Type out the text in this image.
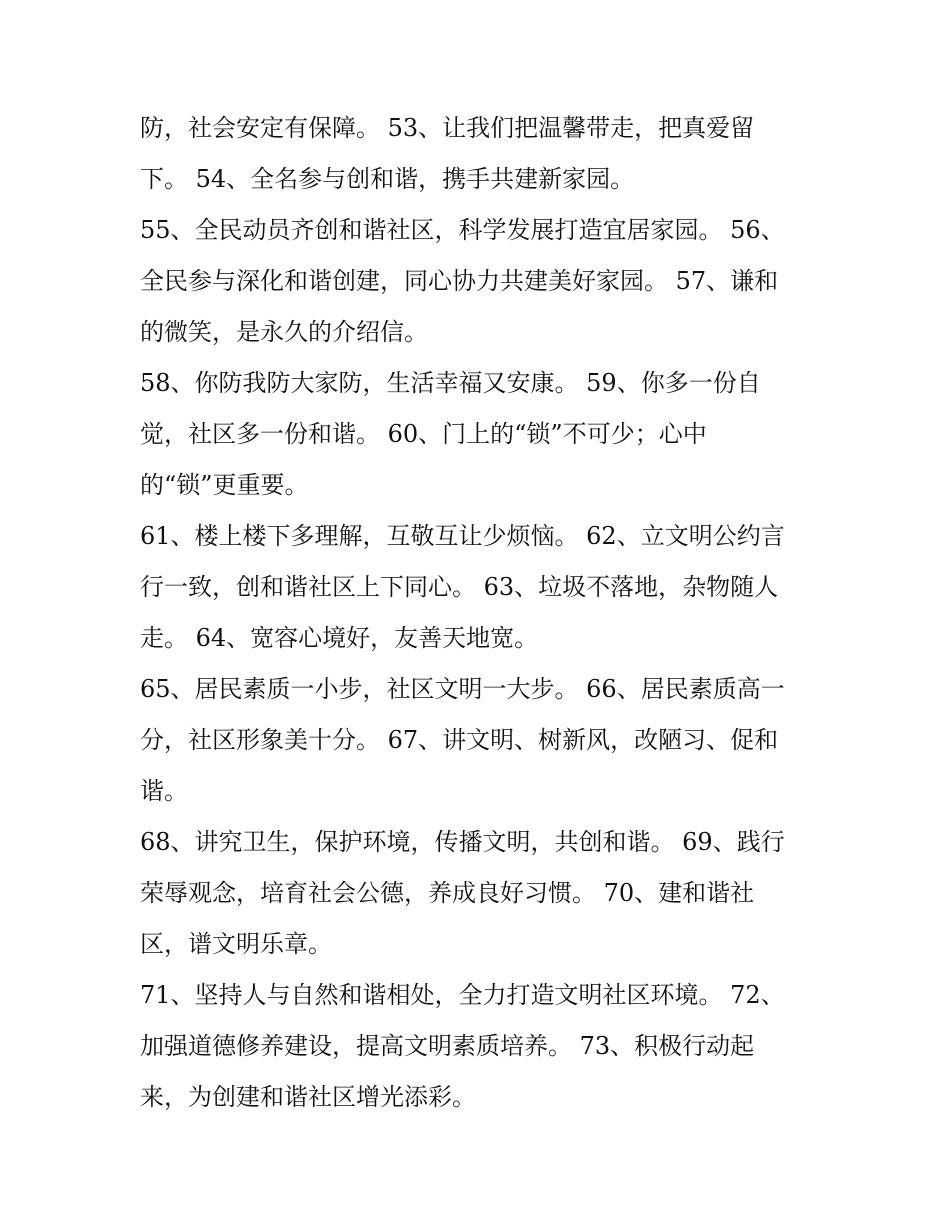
防，社会安定有保障。 53、让我们把温馨带走，把真爱留
下。 54、全名参与创和谐，携手共建新家园。
55、全民动员齐创和谐社区，科学发展打造宜居家园。 56、
全民参与深化和谐创建，同心协力共建美好家园。 57、谦和
的微笑，是永久的介绍信。
58、你防我防大家防，生活幸福又安康。 59、你多一份自
觉，社区多一份和谐。 60、门上的“锁”不可少；心中
的“锁”更重要。
61、楼上楼下多理解，互敬互让少烦恼。 62、立文明公约言
行一致，创和谐社区上下同心。 63、垃圾不落地，杂物随人
走。 64、宽容心境好，友善天地宽。
65、居民素质一小步，社区文明一大步。 66、居民素质高一
分，社区形象美十分。 67、讲文明、树新风，改陋习、促和
谐。
68、讲究卫生，保护环境，传播文明，共创和谐。 69、践行
荣辱观念，培育社会公德，养成良好习惯。 70、建和谐社
区，谱文明乐章。
71、坚持人与自然和谐相处，全力打造文明社区环境。 72、
加强道德修养建设，提高文明素质培养。 73、积极行动起
来，为创建和谐社区增光添彩。
